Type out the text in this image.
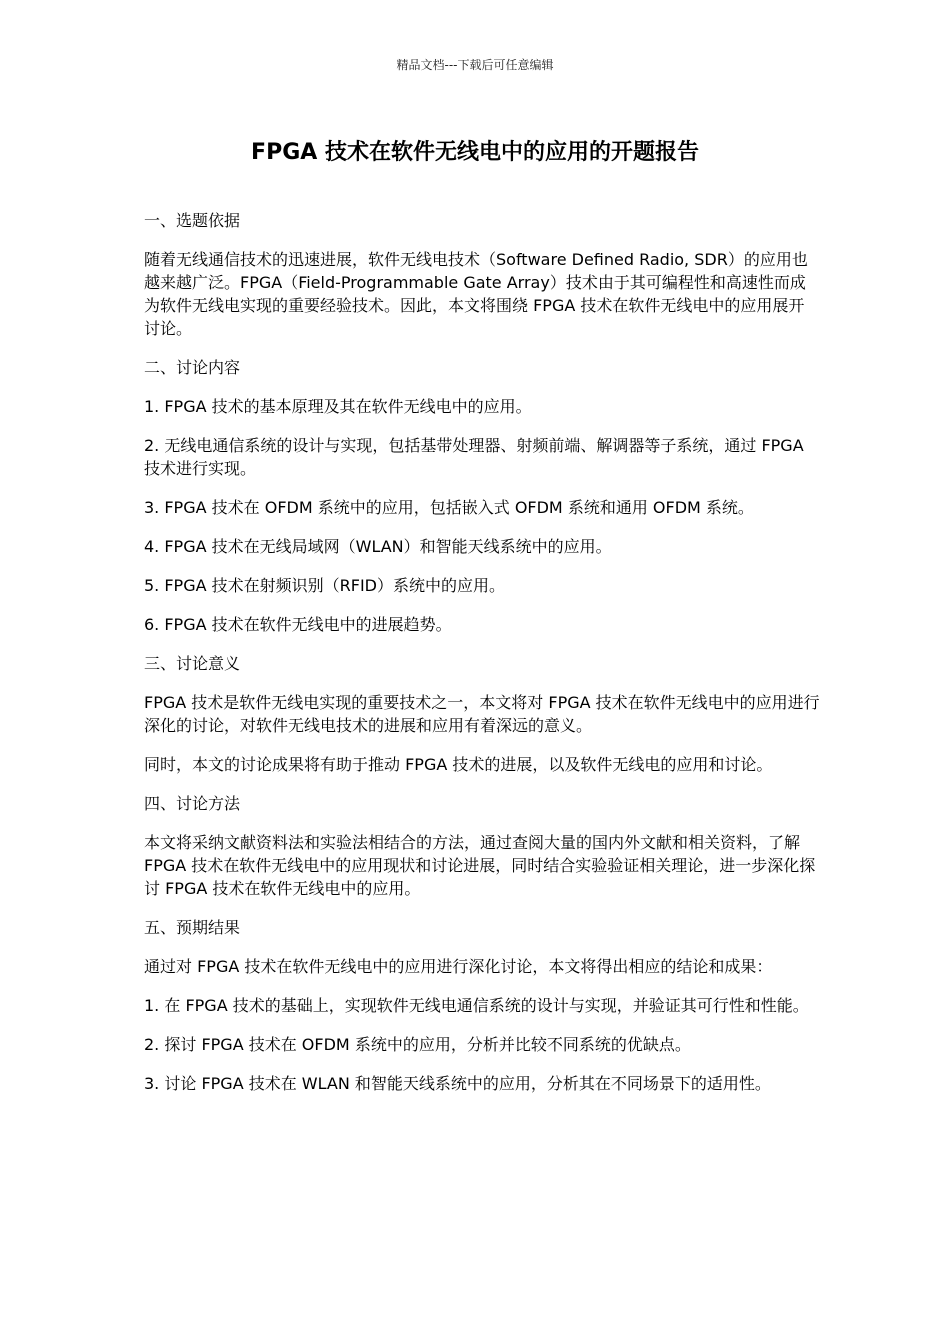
精品文档---下载后可任意编辑
FPGA 技术在软件无线电中的应用的开题报告

一、选题依据

随着无线通信技术的迅速进展，软件无线电技术（Software Defined Radio, SDR）的应用也越来越广泛。FPGA（Field-Programmable Gate Array）技术由于其可编程性和高速性而成为软件无线电实现的重要经验技术。因此，本文将围绕 FPGA 技术在软件无线电中的应用展开讨论。

二、讨论内容

1. FPGA 技术的基本原理及其在软件无线电中的应用。

2. 无线电通信系统的设计与实现，包括基带处理器、射频前端、解调器等子系统，通过 FPGA 技术进行实现。

3. FPGA 技术在 OFDM 系统中的应用，包括嵌入式 OFDM 系统和通用 OFDM 系统。

4. FPGA 技术在无线局域网（WLAN）和智能天线系统中的应用。

5. FPGA 技术在射频识别（RFID）系统中的应用。

6. FPGA 技术在软件无线电中的进展趋势。

三、讨论意义

FPGA 技术是软件无线电实现的重要技术之一，本文将对 FPGA 技术在软件无线电中的应用进行深化的讨论，对软件无线电技术的进展和应用有着深远的意义。

同时，本文的讨论成果将有助于推动 FPGA 技术的进展，以及软件无线电的应用和讨论。

四、讨论方法

本文将采纳文献资料法和实验法相结合的方法，通过查阅大量的国内外文献和相关资料，了解 FPGA 技术在软件无线电中的应用现状和讨论进展，同时结合实验验证相关理论，进一步深化探讨 FPGA 技术在软件无线电中的应用。

五、预期结果

通过对 FPGA 技术在软件无线电中的应用进行深化讨论，本文将得出相应的结论和成果：

1. 在 FPGA 技术的基础上，实现软件无线电通信系统的设计与实现，并验证其可行性和性能。

2. 探讨 FPGA 技术在 OFDM 系统中的应用，分析并比较不同系统的优缺点。

3. 讨论 FPGA 技术在 WLAN 和智能天线系统中的应用，分析其在不同场景下的适用性。
